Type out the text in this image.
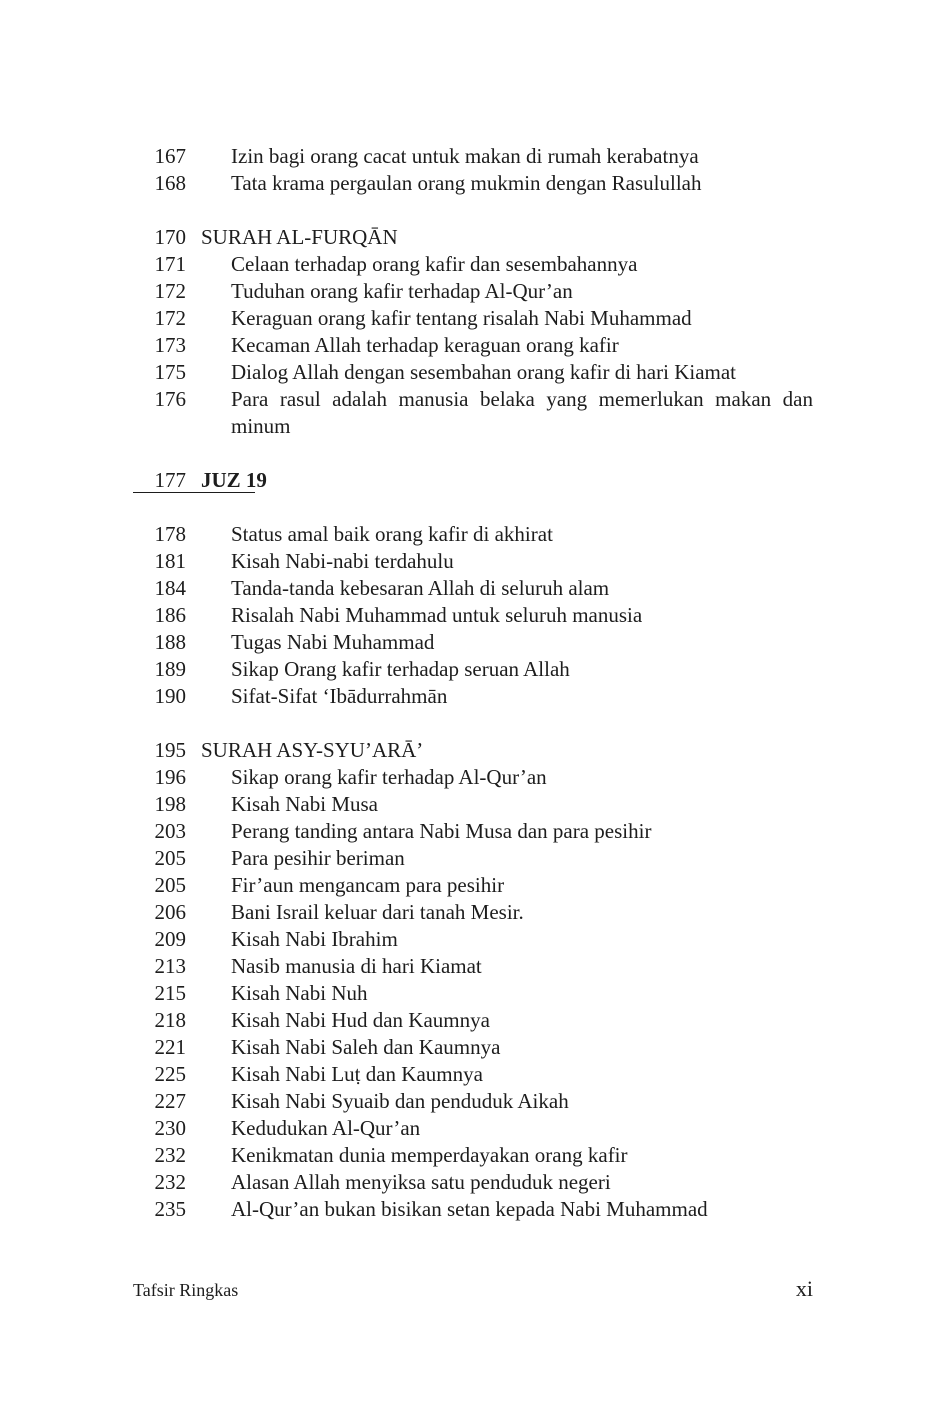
167 Izin bagi orang cacat untuk makan di rumah kerabatnya
168 Tata krama pergaulan orang mukmin dengan Rasulullah
170 SURAH AL-FURQĀN
171 Celaan terhadap orang kafir dan sesembahannya
172 Tuduhan orang kafir terhadap Al-Qur’an
172 Keraguan orang kafir tentang risalah Nabi Muhammad
173 Kecaman Allah terhadap keraguan orang kafir
175 Dialog Allah dengan sesembahan orang kafir di hari Kiamat
176 Para rasul adalah manusia belaka yang memerlukan makan dan minum
177 JUZ 19
178 Status amal baik orang kafir di akhirat
181 Kisah Nabi-nabi terdahulu
184 Tanda-tanda kebesaran Allah di seluruh alam
186 Risalah Nabi Muhammad untuk seluruh manusia
188 Tugas Nabi Muhammad
189 Sikap Orang kafir terhadap seruan Allah
190 Sifat-Sifat ‘Ibādurrahmān
195 SURAH ASY-SYU’ARĀ’
196 Sikap orang kafir terhadap Al-Qur’an
198 Kisah Nabi Musa
203 Perang tanding antara Nabi Musa dan para pesihir
205 Para pesihir beriman
205 Fir’aun mengancam para pesihir
206 Bani Israil keluar dari tanah Mesir.
209 Kisah Nabi Ibrahim
213 Nasib manusia di hari Kiamat
215 Kisah Nabi Nuh
218 Kisah Nabi Hud dan Kaumnya
221 Kisah Nabi Saleh dan Kaumnya
225 Kisah Nabi Luṭ dan Kaumnya
227 Kisah Nabi Syuaib dan penduduk Aikah
230 Kedudukan Al-Qur’an
232 Kenikmatan dunia memperdayakan orang kafir
232 Alasan Allah menyiksa satu penduduk negeri
235 Al-Qur’an bukan bisikan setan kepada Nabi Muhammad
Tafsir Ringkas	xi
